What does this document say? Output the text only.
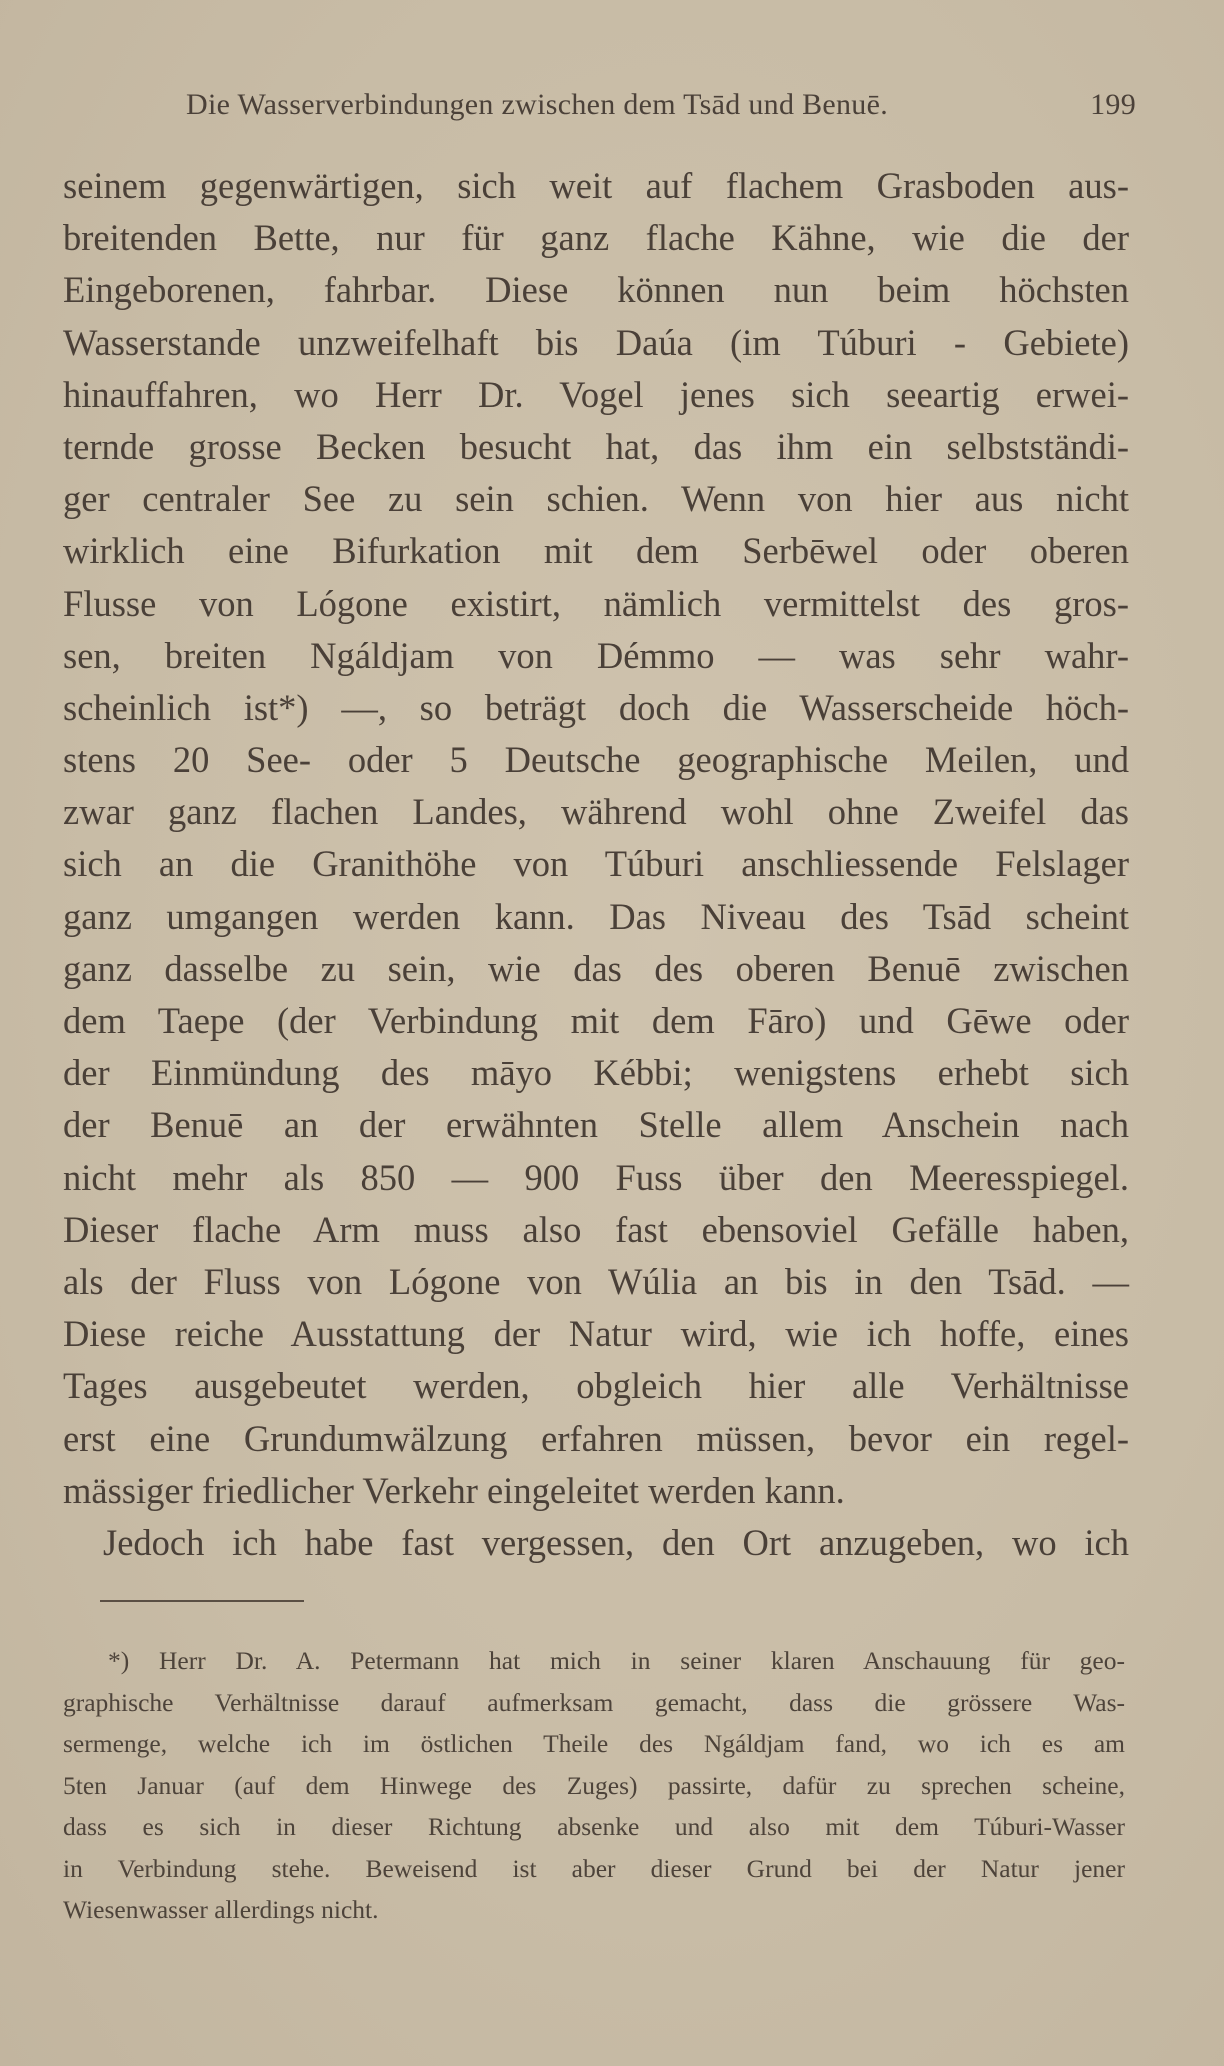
Die Wasserverbindungen zwischen dem Tsād und Benuē.	199
seinem gegenwärtigen, sich weit auf flachem Grasboden aus-
breitenden Bette, nur für ganz flache Kähne, wie die der
Eingeborenen, fahrbar. Diese können nun beim höchsten
Wasserstande unzweifelhaft bis Daúa (im Túburi - Gebiete)
hinauffahren, wo Herr Dr. Vogel jenes sich seeartig erwei-
ternde grosse Becken besucht hat, das ihm ein selbstständi-
ger centraler See zu sein schien. Wenn von hier aus nicht
wirklich eine Bifurkation mit dem Serbēwel oder oberen
Flusse von Lógone existirt, nämlich vermittelst des gros-
sen, breiten Ngáldjam von Démmo — was sehr wahr-
scheinlich ist*) —, so beträgt doch die Wasserscheide höch-
stens 20 See- oder 5 Deutsche geographische Meilen, und
zwar ganz flachen Landes, während wohl ohne Zweifel das
sich an die Granithöhe von Túburi anschliessende Felslager
ganz umgangen werden kann. Das Niveau des Tsād scheint
ganz dasselbe zu sein, wie das des oberen Benuē zwischen
dem Taepe (der Verbindung mit dem Fāro) und Gēwe oder
der Einmündung des māyo Kébbi; wenigstens erhebt sich
der Benuē an der erwähnten Stelle allem Anschein nach
nicht mehr als 850 — 900 Fuss über den Meeresspiegel.
Dieser flache Arm muss also fast ebensoviel Gefälle haben,
als der Fluss von Lógone von Wúlia an bis in den Tsād. —
Diese reiche Ausstattung der Natur wird, wie ich hoffe, eines
Tages ausgebeutet werden, obgleich hier alle Verhältnisse
erst eine Grundumwälzung erfahren müssen, bevor ein regel-
mässiger friedlicher Verkehr eingeleitet werden kann.
Jedoch ich habe fast vergessen, den Ort anzugeben, wo ich
*) Herr Dr. A. Petermann hat mich in seiner klaren Anschauung für geo-
graphische Verhältnisse darauf aufmerksam gemacht, dass die grössere Was-
sermenge, welche ich im östlichen Theile des Ngáldjam fand, wo ich es am
5ten Januar (auf dem Hinwege des Zuges) passirte, dafür zu sprechen scheine,
dass es sich in dieser Richtung absenke und also mit dem Túburi-Wasser
in Verbindung stehe. Beweisend ist aber dieser Grund bei der Natur jener
Wiesenwasser allerdings nicht.
